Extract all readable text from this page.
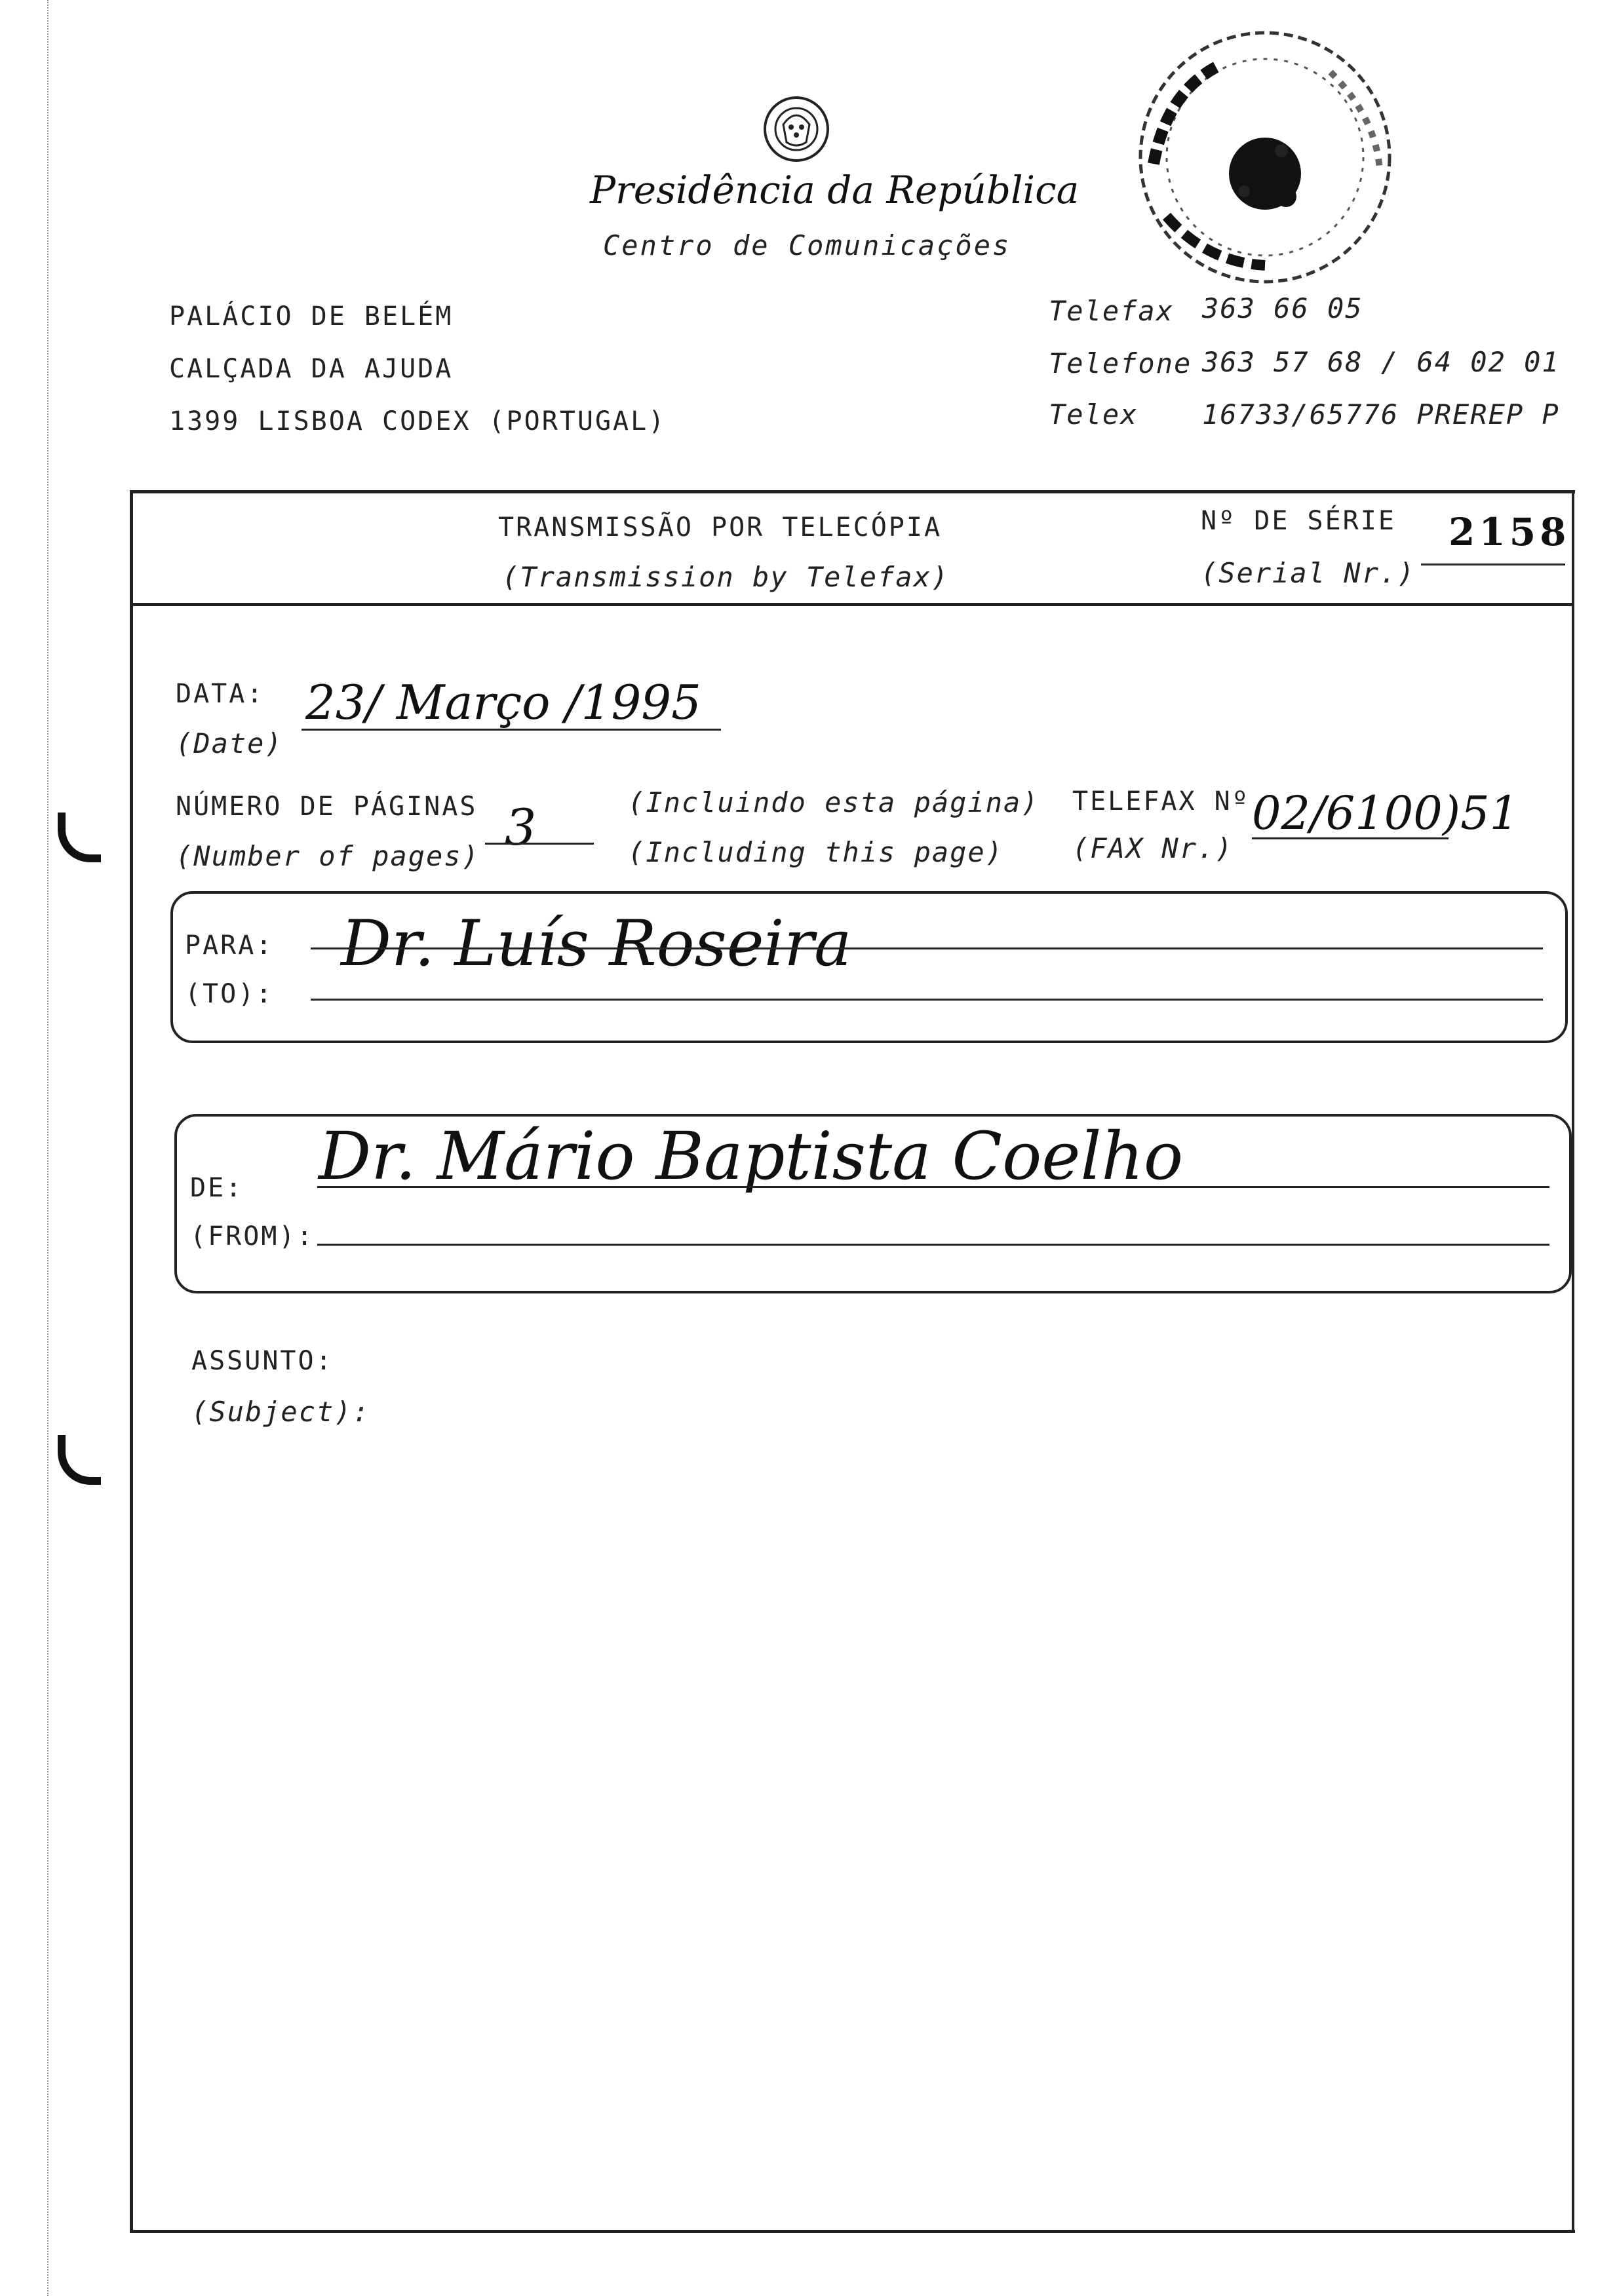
Presidência da República
Centro de Comunicações
PALÁCIO DE BELÉM
CALÇADA DA AJUDA
1399 LISBOA CODEX (PORTUGAL)
Telefax 363 66 05
Telefone 363 57 68 / 64 02 01
Telex 16733/65776 PREREP P
TRANSMISSÃO POR TELECÓPIA
(Transmission by Telefax)
Nº DE SÉRIE
(Serial Nr.)
2158
DATA:
(Date)
23/ Março /1995
NÚMERO DE PÁGINAS
(Number of pages) 3	(Incluindo esta página)
(Including this page)
TELEFAX Nº
(FAX Nr.)
02/6100)51
PARA:
(TO):
Dr. Luís Roseira
DE:
(FROM):
Dr. Mário Baptista Coelho
ASSUNTO:
(Subject):
